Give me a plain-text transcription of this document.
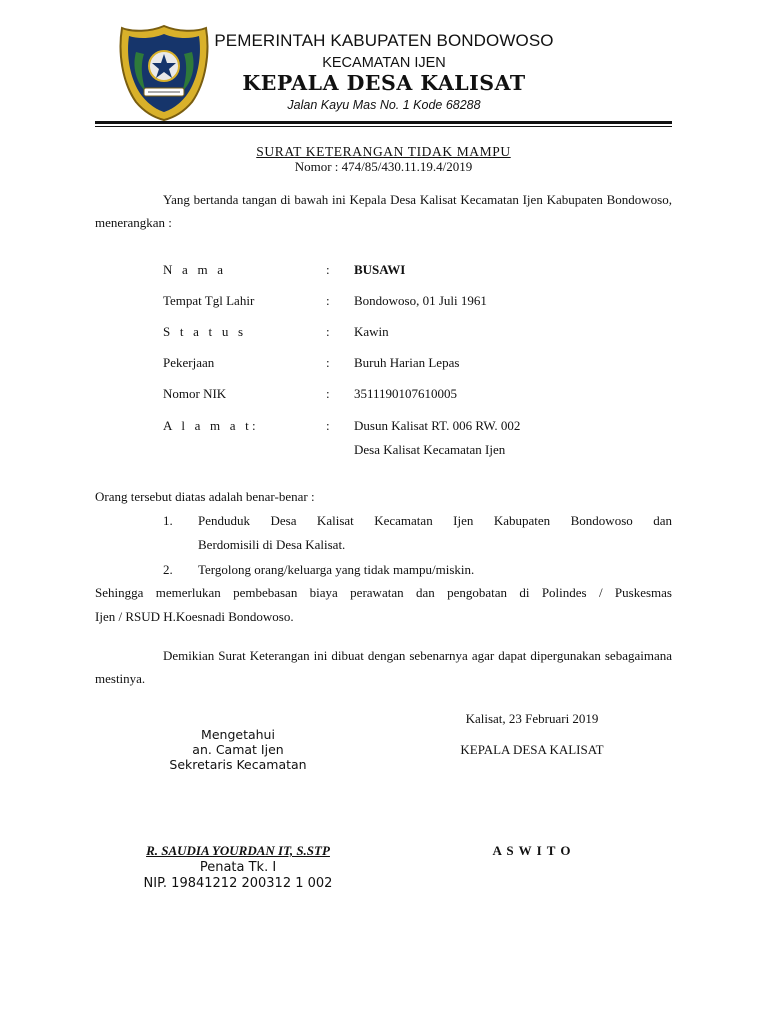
PEMERINTAH KABUPATEN BONDOWOSO
KECAMATAN IJEN
KEPALA DESA KALISAT
Jalan Kayu Mas No. 1 Kode 68288
SURAT KETERANGAN TIDAK MAMPU
Nomor : 474/85/430.11.19.4/2019
Yang bertanda tangan di bawah ini Kepala Desa Kalisat Kecamatan Ijen Kabupaten Bondowoso, menerangkan :
N a m a	: BUSAWI
Tempat Tgl Lahir	: Bondowoso, 01 Juli 1961
S t a t u s	: Kawin
Pekerjaan	: Buruh Harian Lepas
Nomor NIK	: 3511190107610005
A l a m a t:	: Dusun Kalisat RT. 006 RW. 002
Desa Kalisat Kecamatan Ijen
Orang tersebut diatas adalah benar-benar :
1. Penduduk Desa Kalisat Kecamatan Ijen Kabupaten Bondowoso dan
Berdomisili di Desa Kalisat.
2. Tergolong orang/keluarga yang tidak mampu/miskin.
Sehingga memerlukan pembebasan biaya perawatan dan pengobatan di Polindes / Puskesmas
Ijen / RSUD H.Koesnadi Bondowoso.
Demikian Surat Keterangan ini dibuat dengan sebenarnya agar dapat dipergunakan sebagaimana mestinya.
Kalisat, 23 Februari 2019
KEPALA DESA KALISAT
Mengetahui
an. Camat Ijen
Sekretaris Kecamatan
R. SAUDIA YOURDAN IT, S.STP
Penata Tk. I
NIP. 19841212 200312 1 002
A S W I T O
